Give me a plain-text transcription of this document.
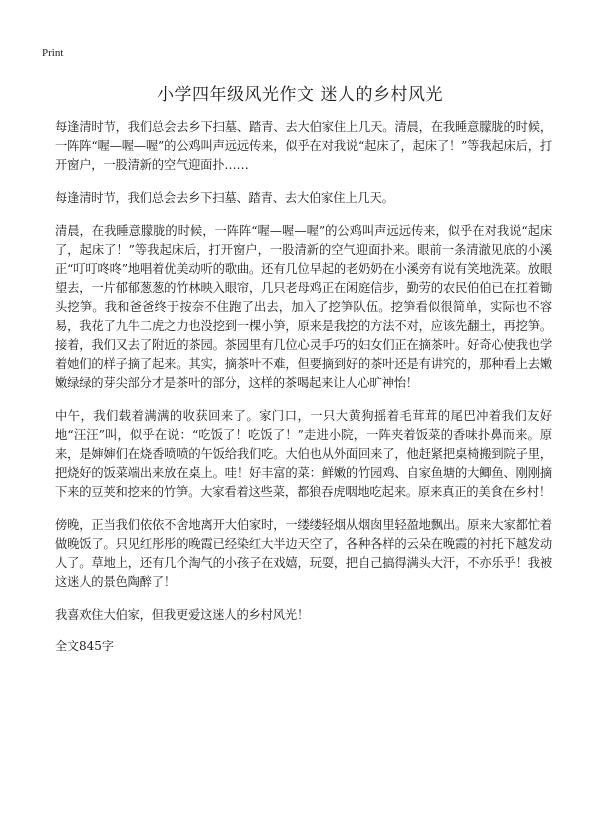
Print
小学四年级风光作文 迷人的乡村风光

每逢清时节，我们总会去乡下扫墓、踏青、去大伯家住上几天。清晨，在我睡意朦胧的时候，一阵阵“喔—喔—喔”的公鸡叫声远远传来，似乎在对我说“起床了，起床了！”等我起床后，打开窗户，一股清新的空气迎面扑……

每逢清时节，我们总会去乡下扫墓、踏青、去大伯家住上几天。

清晨，在我睡意朦胧的时候，一阵阵“喔—喔—喔”的公鸡叫声远远传来，似乎在对我说“起床了，起床了！”等我起床后，打开窗户，一股清新的空气迎面扑来。眼前一条清澈见底的小溪正“叮叮咚咚”地唱着优美动听的歌曲。还有几位早起的老奶奶在小溪旁有说有笑地洗菜。放眼望去，一片郁郁葱葱的竹林映入眼帘，几只老母鸡正在闲庭信步，勤劳的农民伯伯已在扛着锄头挖笋。我和爸爸终于按奈不住跑了出去，加入了挖笋队伍。挖笋看似很简单，实际也不容易，我花了九牛二虎之力也没挖到一棵小笋，原来是我挖的方法不对，应该先翻土，再挖笋。接着，我们又去了附近的茶园。茶园里有几位心灵手巧的妇女们正在摘茶叶。好奇心使我也学着她们的样子摘了起来。其实，摘茶叶不难，但要摘到好的茶叶还是有讲究的，那种看上去嫩嫩绿绿的芽尖部分才是茶叶的部分，这样的茶喝起来让人心旷神怡！

中午，我们载着满满的收获回来了。家门口，一只大黄狗摇着毛茸茸的尾巴冲着我们友好地“汪汪”叫，似乎在说：“吃饭了！吃饭了！”走进小院，一阵夹着饭菜的香味扑鼻而来。原来，是婶婶们在烧香喷喷的午饭给我们吃。大伯也从外面回来了，他赶紧把桌椅搬到院子里，把烧好的饭菜端出来放在桌上。哇！好丰富的菜：鲜嫩的竹园鸡、自家鱼塘的大鲫鱼、刚刚摘下来的豆荚和挖来的竹笋。大家看着这些菜，都狼吞虎咽地吃起来。原来真正的美食在乡村！

傍晚，正当我们依依不舍地离开大伯家时，一缕缕轻烟从烟囱里轻盈地飘出。原来大家都忙着做晚饭了。只见红彤彤的晚霞已经染红大半边天空了，各种各样的云朵在晚霞的衬托下越发动人了。草地上，还有几个淘气的小孩子在戏嬉，玩耍，把自己搞得满头大汗，不亦乐乎！我被这迷人的景色陶醉了！

我喜欢住大伯家，但我更爱这迷人的乡村风光！

全文845字
